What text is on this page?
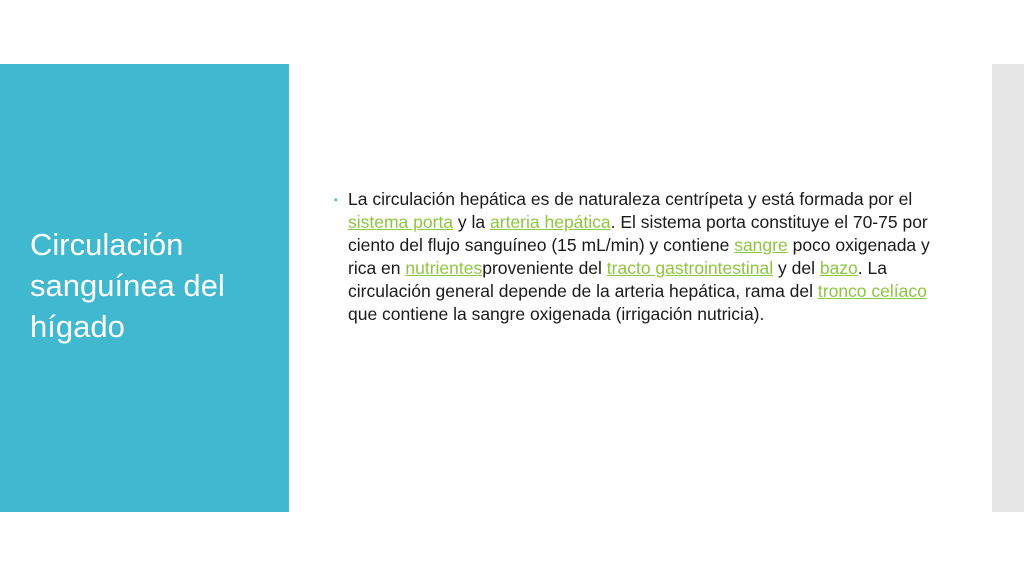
Circulación sanguínea del hígado
▪ La circulación hepática es de naturaleza centrípeta y está formada por el sistema porta y la arteria hepática. El sistema porta constituye el 70-75 por ciento del flujo sanguíneo (15 mL/min) y contiene sangre poco oxigenada y rica en nutrientesproveniente del tracto gastrointestinal y del bazo. La circulación general depende de la arteria hepática, rama del tronco celíaco que contiene la sangre oxigenada (irrigación nutricia).
